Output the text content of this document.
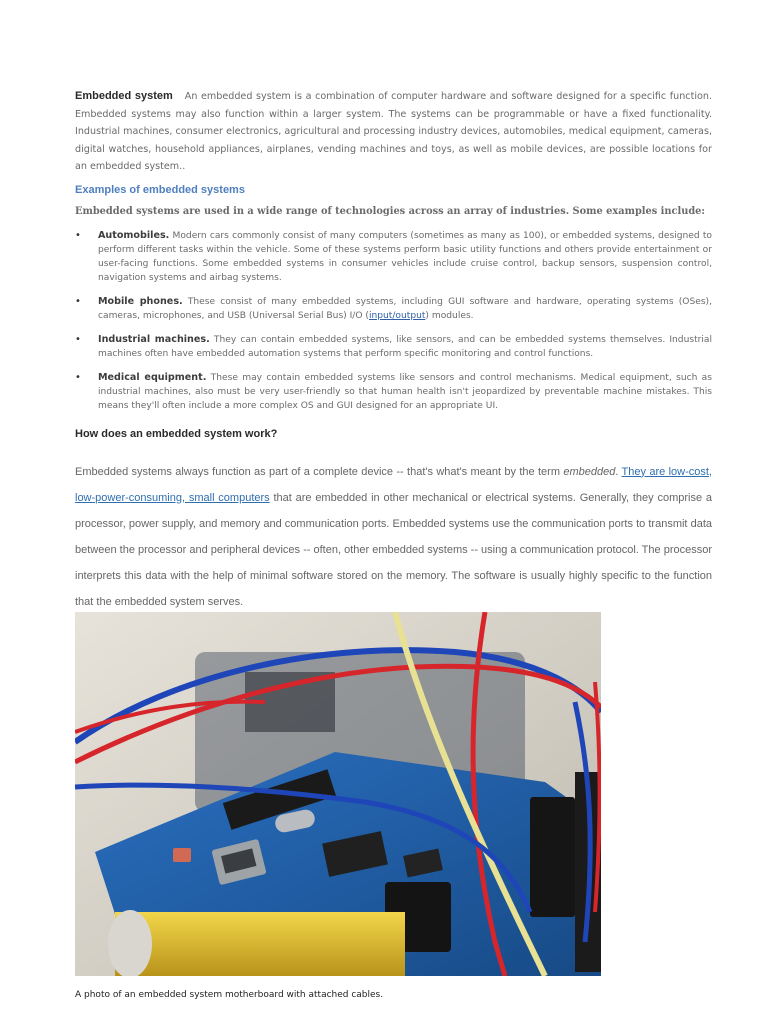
Embedded system An embedded system is a combination of computer hardware and software designed for a specific function. Embedded systems may also function within a larger system. The systems can be programmable or have a fixed functionality. Industrial machines, consumer electronics, agricultural and processing industry devices, automobiles, medical equipment, cameras, digital watches, household appliances, airplanes, vending machines and toys, as well as mobile devices, are possible locations for an embedded system..

Examples of embedded systems

Embedded systems are used in a wide range of technologies across an array of industries. Some examples include:

• Automobiles. Modern cars commonly consist of many computers (sometimes as many as 100), or embedded systems, designed to perform different tasks within the vehicle. Some of these systems perform basic utility functions and others provide entertainment or user-facing functions. Some embedded systems in consumer vehicles include cruise control, backup sensors, suspension control, navigation systems and airbag systems.
• Mobile phones. These consist of many embedded systems, including GUI software and hardware, operating systems (OSes), cameras, microphones, and USB (Universal Serial Bus) I/O (input/output) modules.
• Industrial machines. They can contain embedded systems, like sensors, and can be embedded systems themselves. Industrial machines often have embedded automation systems that perform specific monitoring and control functions.
• Medical equipment. These may contain embedded systems like sensors and control mechanisms. Medical equipment, such as industrial machines, also must be very user-friendly so that human health isn't jeopardized by preventable machine mistakes. This means they'll often include a more complex OS and GUI designed for an appropriate UI.

How does an embedded system work?

Embedded systems always function as part of a complete device -- that's what's meant by the term embedded. They are low-cost, low-power-consuming, small computers that are embedded in other mechanical or electrical systems. Generally, they comprise a processor, power supply, and memory and communication ports. Embedded systems use the communication ports to transmit data between the processor and peripheral devices -- often, other embedded systems -- using a communication protocol. The processor interprets this data with the help of minimal software stored on the memory. The software is usually highly specific to the function that the embedded system serves.

A photo of an embedded system motherboard with attached cables.
